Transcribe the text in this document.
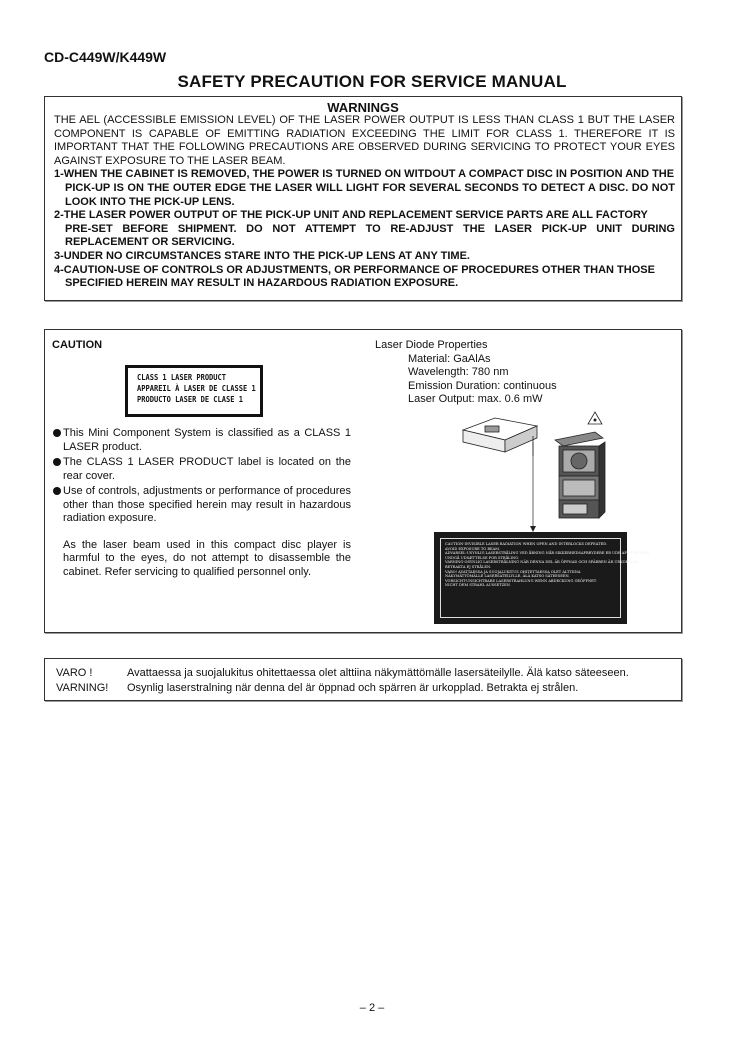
CD-C449W/K449W
SAFETY PRECAUTION FOR SERVICE MANUAL
WARNINGS

THE AEL (ACCESSIBLE EMISSION LEVEL) OF THE LASER POWER OUTPUT IS LESS THAN CLASS 1 BUT THE LASER COMPONENT IS CAPABLE OF EMITTING RADIATION EXCEEDING THE LIMIT FOR CLASS 1. THEREFORE IT IS IMPORTANT THAT THE FOLLOWING PRECAUTIONS ARE OBSERVED DURING SERVICING TO PROTECT YOUR EYES AGAINST EXPOSURE TO THE LASER BEAM.

1-WHEN THE CABINET IS REMOVED, THE POWER IS TURNED ON WITDOUT A COMPACT DISC IN POSITION AND THE
PICK-UP IS ON THE OUTER EDGE THE LASER WILL LIGHT FOR SEVERAL SECONDS TO DETECT A DISC. DO NOT LOOK INTO THE PICK-UP LENS.
2-THE LASER POWER OUTPUT OF THE PICK-UP UNIT AND REPLACEMENT SERVICE PARTS ARE ALL FACTORY
PRE-SET BEFORE SHIPMENT. DO NOT ATTEMPT TO RE-ADJUST THE LASER PICK-UP UNIT DURING REPLACEMENT OR SERVICING.
3-UNDER NO CIRCUMSTANCES STARE INTO THE PICK-UP LENS AT ANY TIME.
4-CAUTION-USE OF CONTROLS OR ADJUSTMENTS, OR PERFORMANCE OF PROCEDURES OTHER THAN THOSE
SPECIFIED HEREIN MAY RESULT IN HAZARDOUS RADIATION EXPOSURE.
CAUTION
CLASS 1 LASER PRODUCT
APPAREIL À LASER DE CLASSE 1
PRODUCTO LASER DE CLASE 1
This Mini Component System is classified as a CLASS 1 LASER product.
The CLASS 1 LASER PRODUCT label is located on the rear cover.
Use of controls, adjustments or performance of procedures other than those specified herein may result in hazardous radiation exposure.
As the laser beam used in this compact disc player is harmful to the eyes, do not attempt to disassemble the cabinet. Refer servicing to qualified personnel only.
Laser Diode Properties
Material: GaAlAs
Wavelength: 780 nm
Emission Duration: continuous
Laser Output: max. 0.6 mW
CAUTION-INVISIBLE LASER RADIATION WHEN OPEN AND INTERLOCKS DEFEATED.
AVOID EXPOSURE TO BEAM.
ADVARSEL-USYNLIG LASERSTRÅLING VED ÅBNING NÅR SIKKERHEDSAFBRYDERE ER UDE AF FUNKTION.
UNDGÅ UDSÆTTELSE FOR STRÅLING.
VARNING-OSYNLIG LASERSTRÅLNING NÄR DENNA DEL ÄR ÖPPNAD OCH SPÄRREN ÄR URKOPPLAD.
BETRAKTA EJ STRÅLEN.
VARO! AVATTAESSA JA SUOJALUKITUS OHITETTAESSA OLET ALTTIINA
NÄKYMÄTTÖMÄLLE LASERSÄTEILYLLE. ÄLÄ KATSO SÄTEESEEN.
VORSICHT-UNSICHTBARE LASERSTRAHLUNG WENN ABDECKUNG GEÖFFNET.
NICHT DEM STRAHL AUSSETZEN.
VARO !	Avattaessa ja suojalukitus ohitettaessa olet alttiina näkymättömälle lasersäteilylle. Älä katso säteeseen.
VARNING! Osynlig laserstralning när denna del är öppnad och spärren är urkopplad. Betrakta ej strålen.
– 2 –
